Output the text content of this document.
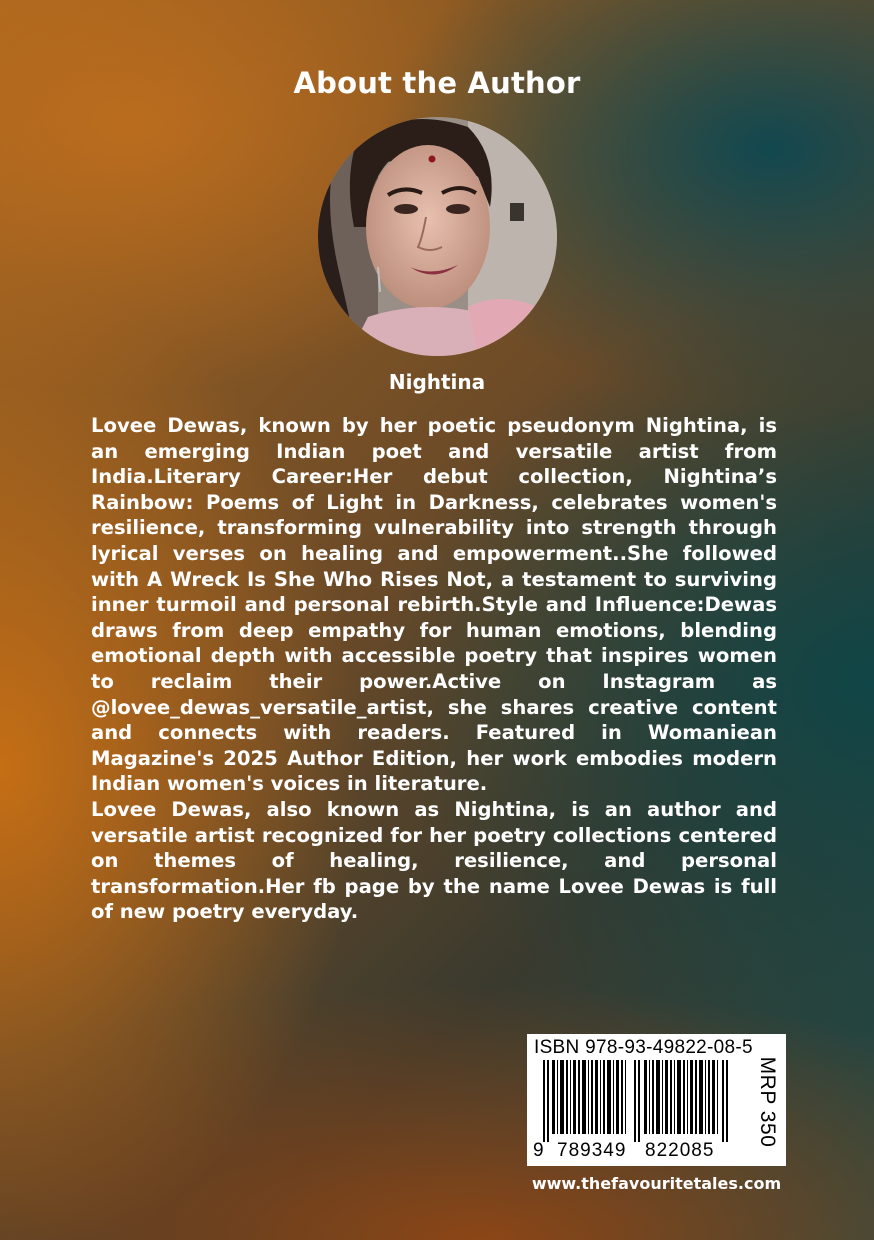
About the Author
Nightina

Lovee Dewas, known by her poetic pseudonym Nightina, is an emerging Indian poet and versatile artist from India.Literary Career:Her debut collection, Nightina’s Rainbow: Poems of Light in Darkness, celebrates women's resilience, transforming vulnerability into strength through lyrical verses on healing and empowerment..She followed with A Wreck Is She Who Rises Not, a testament to surviving inner turmoil and personal rebirth.Style and Influence:Dewas draws from deep empathy for human emotions, blending emotional depth with accessible poetry that inspires women to reclaim their power.Active on Instagram as @lovee_dewas_versatile_artist, she shares creative content and connects with readers. Featured in Womaniean Magazine's 2025 Author Edition, her work embodies modern Indian women's voices in literature.

Lovee Dewas, also known as Nightina, is an author and versatile artist recognized for her poetry collections centered on themes of healing, resilience, and personal transformation.Her fb page by the name Lovee Dewas is full of new poetry everyday.

ISBN 978-93-49822-08-5
9 789349 822085
MRP 350
www.thefavouritetales.com
